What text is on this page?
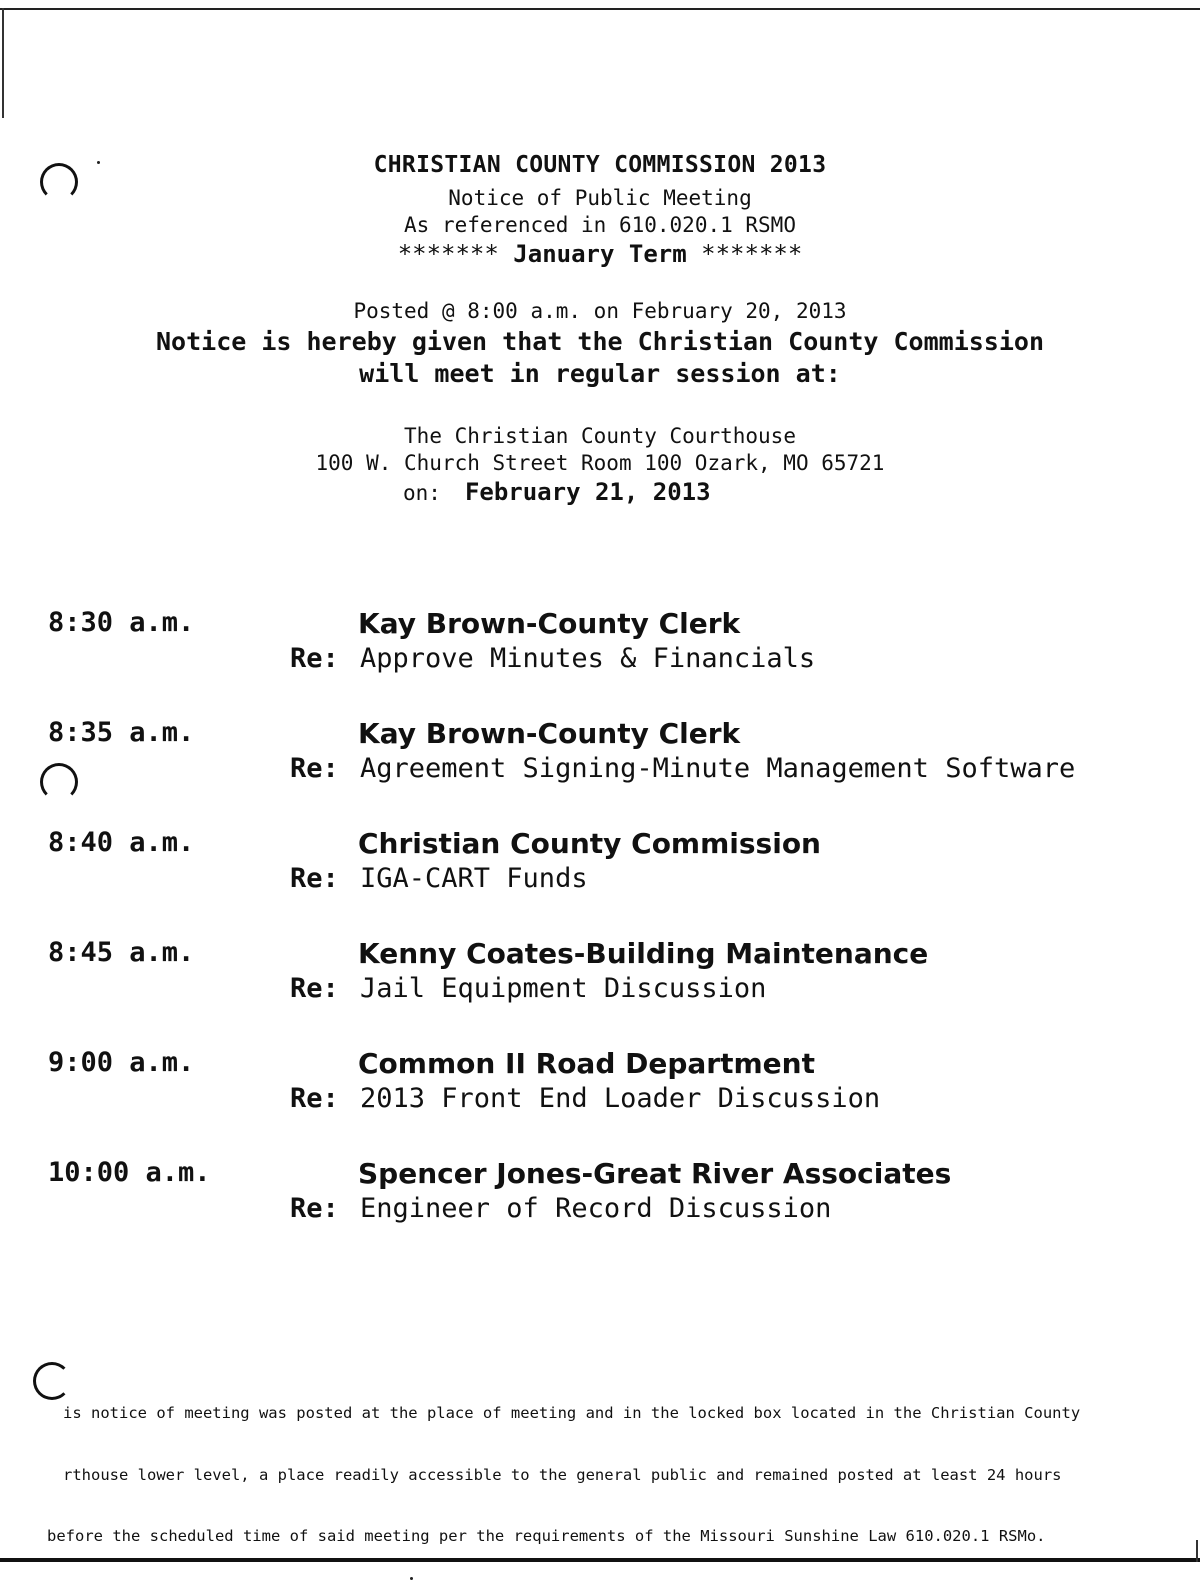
CHRISTIAN COUNTY COMMISSION 2013
Notice of Public Meeting
As referenced in 610.020.1 RSMO
******* January Term *******
Posted @ 8:00 a.m. on February 20, 2013
Notice is hereby given that the Christian County Commission
will meet in regular session at:
The Christian County Courthouse
100 W. Church Street Room 100 Ozark, MO 65721
on: February 21, 2013
8:30 a.m.	Kay Brown-County Clerk
Re: Approve Minutes & Financials
8:35 a.m.	Kay Brown-County Clerk
Re: Agreement Signing-Minute Management Software
8:40 a.m.	Christian County Commission
Re: IGA-CART Funds
8:45 a.m.	Kenny Coates-Building Maintenance
Re: Jail Equipment Discussion
9:00 a.m.	Common II Road Department
Re: 2013 Front End Loader Discussion
10:00 a.m.	Spencer Jones-Great River Associates
Re: Engineer of Record Discussion

is notice of meeting was posted at the place of meeting and in the locked box located in the Christian County

rthouse lower level, a place readily accessible to the general public and remained posted at least 24 hours

before the scheduled time of said meeting per the requirements of the Missouri Sunshine Law 610.020.1 RSMo.
